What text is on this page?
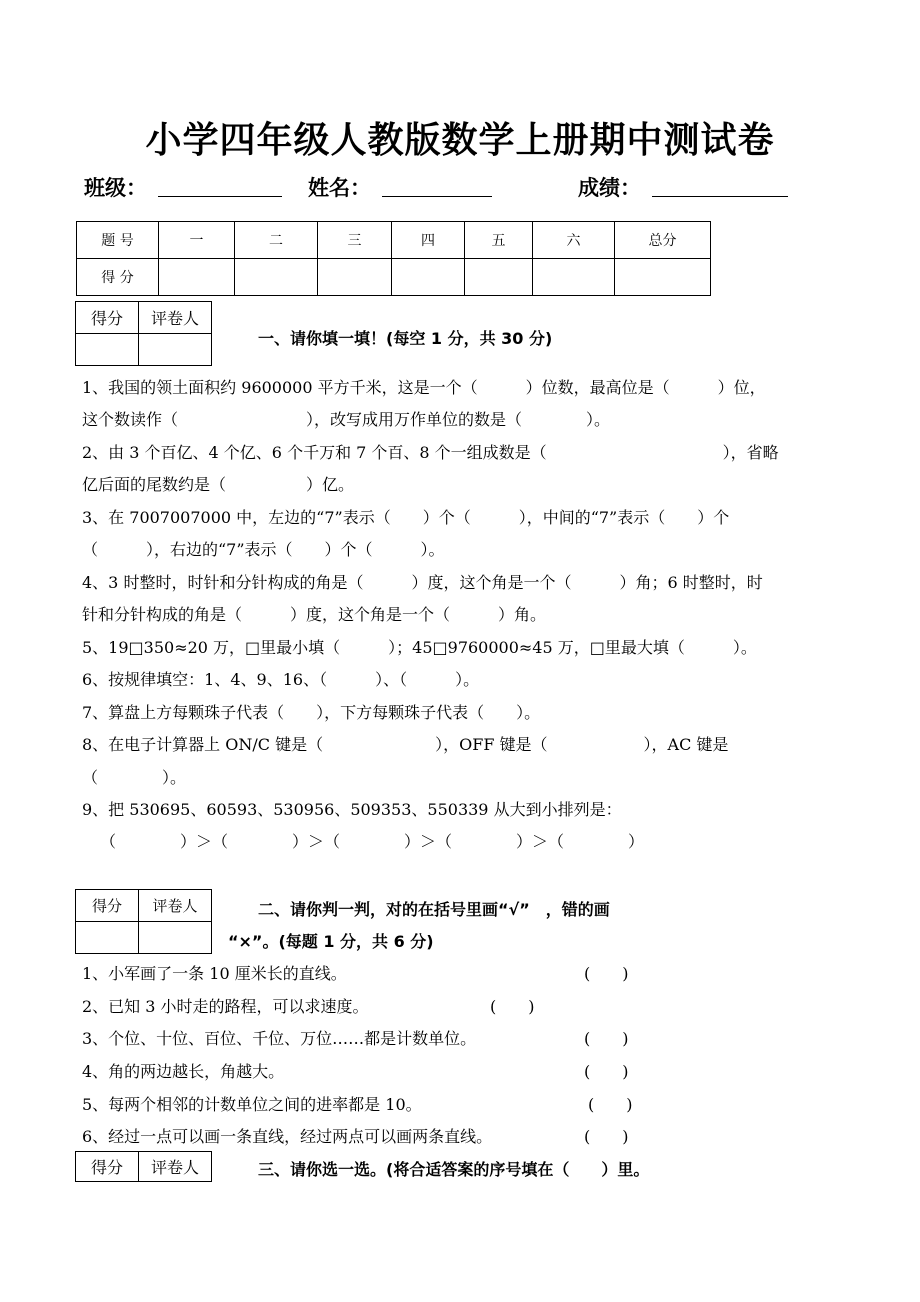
小学四年级人教版数学上册期中测试卷
班级：	姓名：	成绩：
题 号	一	二	三	四	五	六	总分
得 分							
得分	评卷人

一、请你填一填！(每空 1 分，共 30 分)
1、我国的领土面积约 9600000 平方千米，这是一个（　　　）位数，最高位是（　　　）位，
这个数读作（　　　　　　　　），改写成用万作单位的数是（　　　　）。
2、由 3 个百亿、4 个亿、6 个千万和 7 个百、8 个一组成数是（　　　　　　　　　　　），省略
亿后面的尾数约是（　　　　　）亿。
3、在 7007007000 中，左边的“7”表示（　　）个（　　　），中间的“7”表示（　　）个
（　　　），右边的“7”表示（　　）个（　　　）。
4、3 时整时，时针和分针构成的角是（　　　）度，这个角是一个（　　　）角；6 时整时，时
针和分针构成的角是（　　　）度，这个角是一个（　　　）角。
5、19□350≈20 万，□里最小填（　　　）；45□9760000≈45 万，□里最大填（　　　）。
6、按规律填空：1、4、9、16、（　　　）、（　　　）。
7、算盘上方每颗珠子代表（　　），下方每颗珠子代表（　　）。
8、在电子计算器上 ON/C 键是（　　　　　　　），OFF 键是（　　　　　　），AC 键是
（　　　　）。
9、把 530695、60593、530956、509353、550339 从大到小排列是：
（　　　　）＞（　　　　）＞（　　　　）＞（　　　　）＞（　　　　）
得分	评卷人
		二、请你判一判，对的在括号里画“√”　，错的画
“×”。(每题 1 分，共 6 分)
1、小军画了一条 10 厘米长的直线。	(　　)
2、已知 3 小时走的路程，可以求速度。	(　　)
3、个位、十位、百位、千位、万位……都是计数单位。	(　　)
4、角的两边越长，角越大。	(　　)
5、每两个相邻的计数单位之间的进率都是 10。	(　　)
6、经过一点可以画一条直线，经过两点可以画两条直线。	(　　)
得分	评卷人	三、请你选一选。(将合适答案的序号填在（　　）里。
